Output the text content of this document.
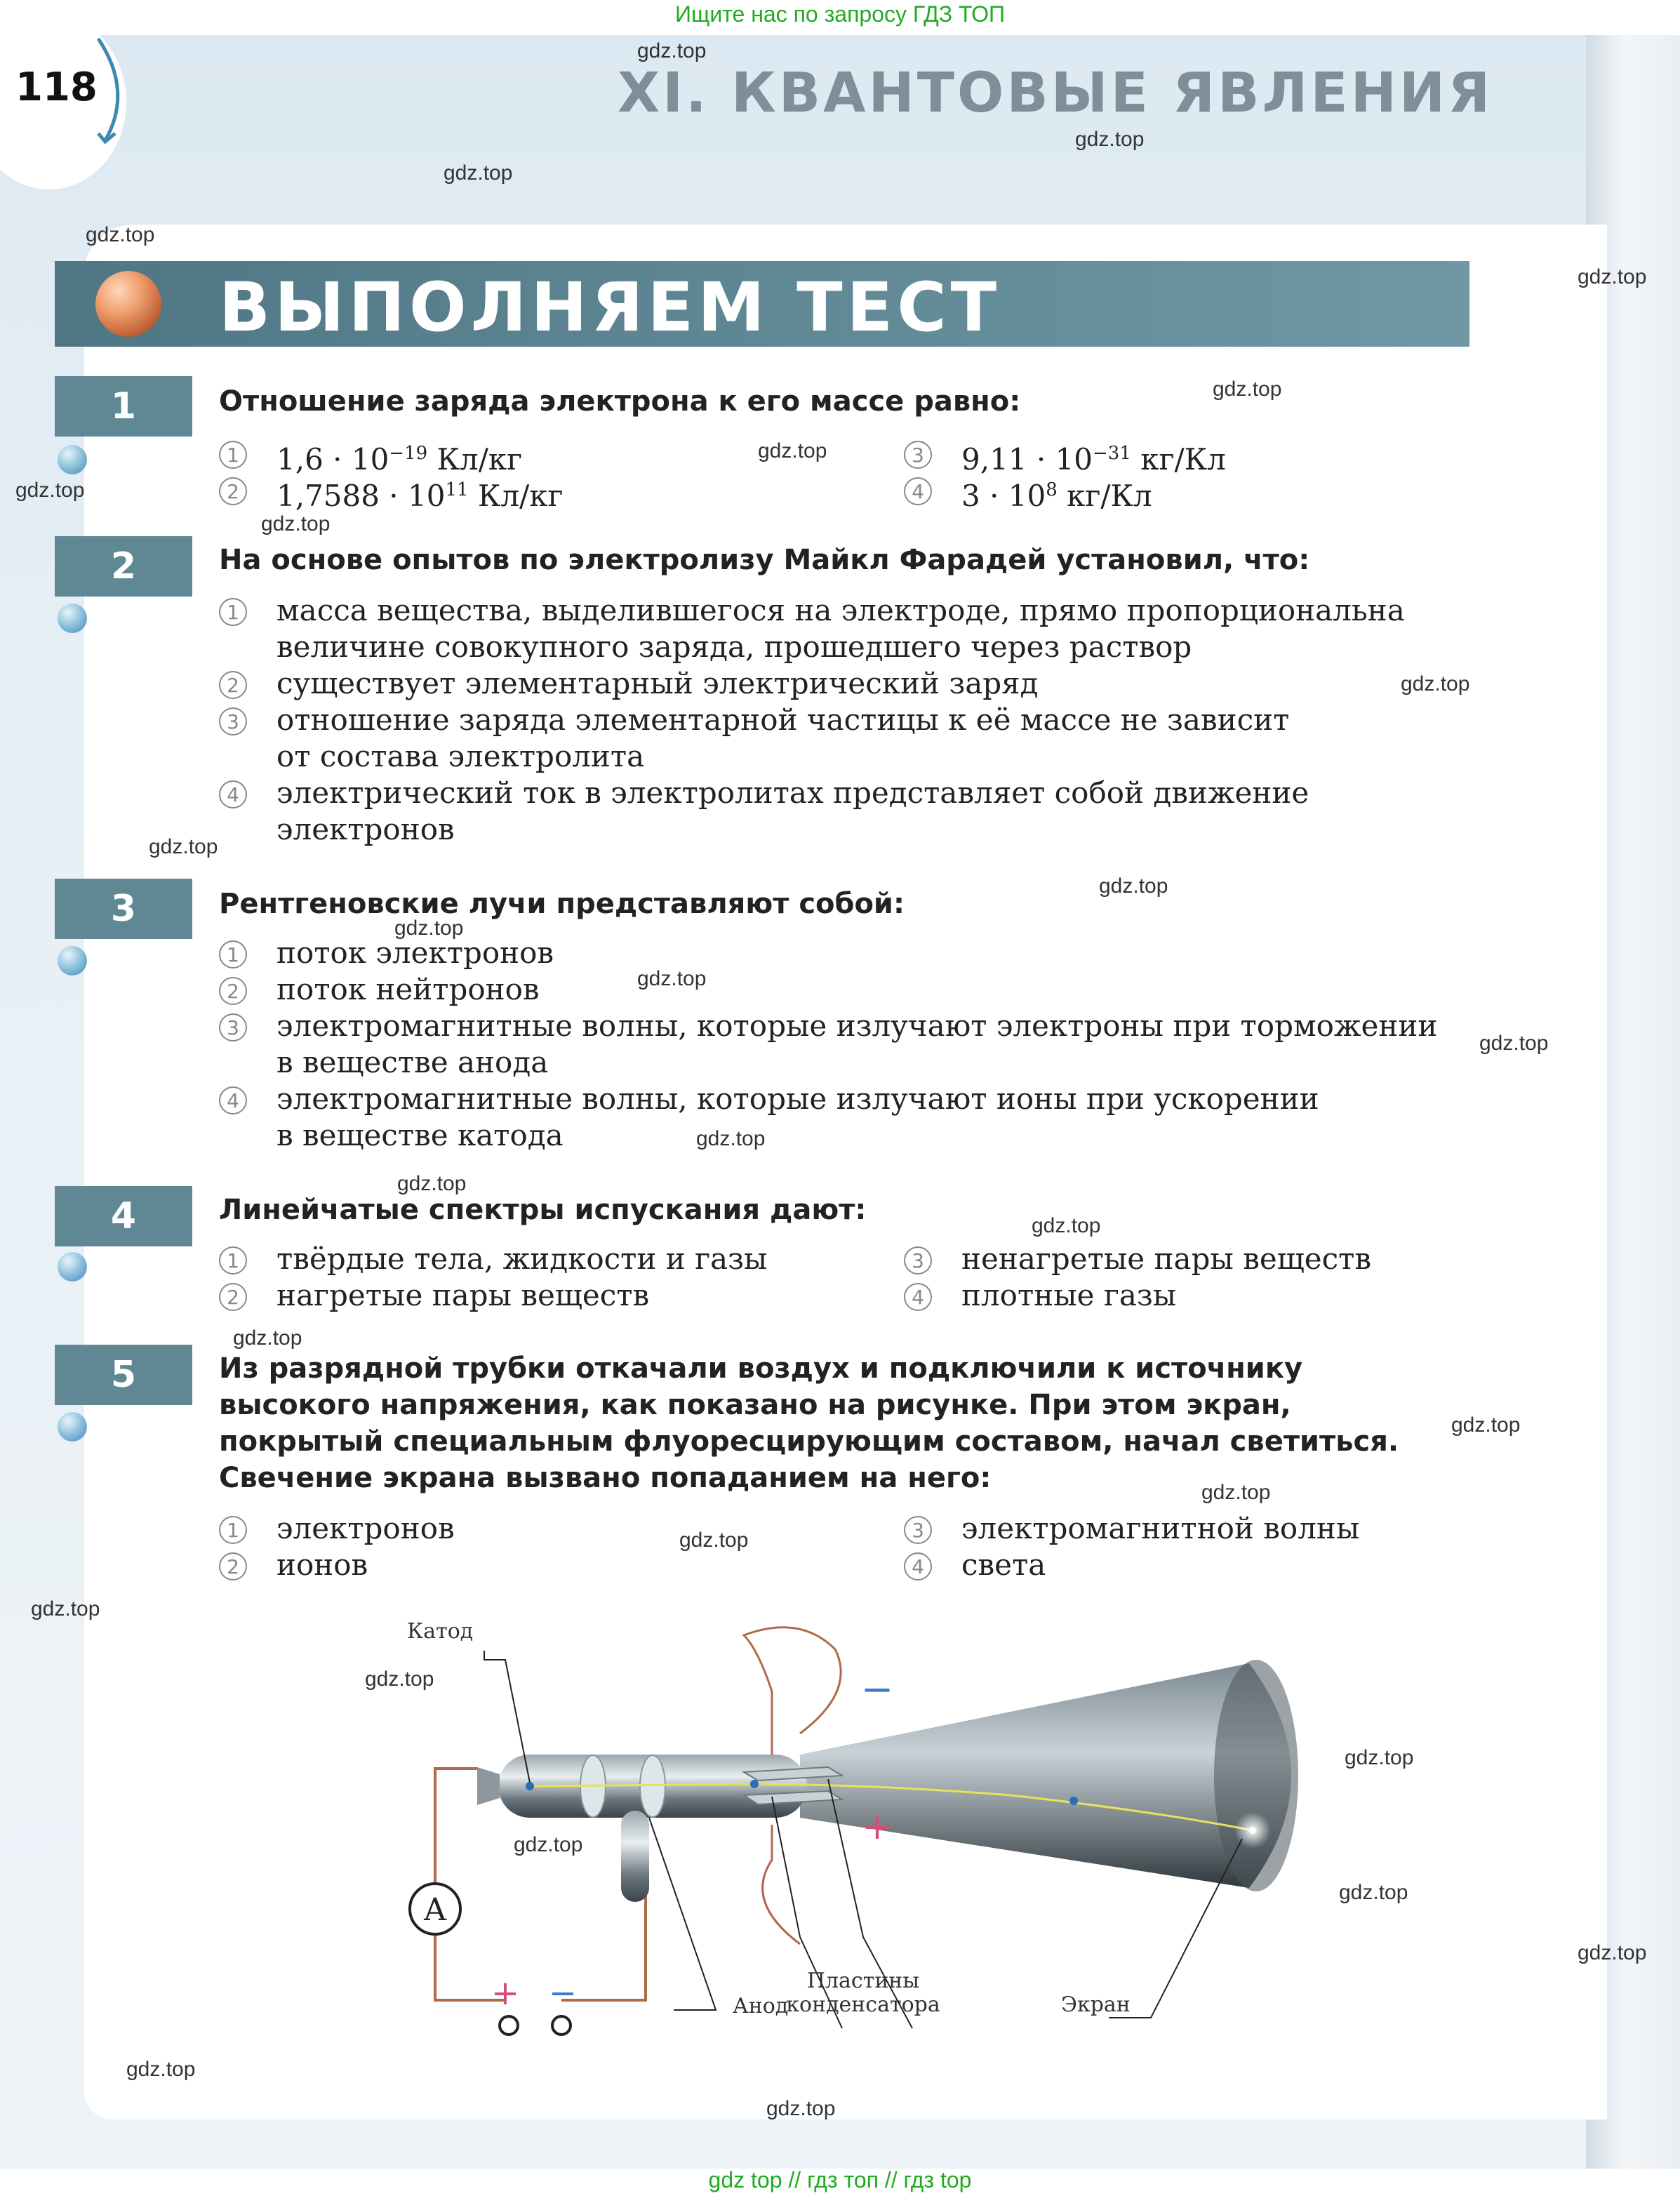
Ищите нас по запросу ГДЗ ТОП
118	XI. КВАНТОВЫЕ ЯВЛЕНИЯ
ВЫПОЛНЯЕМ ТЕСТ
1	Отношение заряда электрона к его массе равно:
1 $1,6 \cdot 10^{-19}$ Кл/кг
2 $1,7588 \cdot 10^{11}$ Кл/кг
3 $9,11 \cdot 10^{-31}$ кг/Кл
4 $3 \cdot 10^8$ кг/Кл
2	На основе опытов по электролизу Майкл Фарадей установил, что:
1 масса вещества, выделившегося на электроде, прямо пропорциональна
величине совокупного заряда, прошедшего через раствор
2 существует элементарный электрический заряд
3 отношение заряда элементарной частицы к её массе не зависит
от состава электролита
4 электрический ток в электролитах представляет собой движение
электронов
3	Рентгеновские лучи представляют собой:
1 поток электронов
2 поток нейтронов
3 электромагнитные волны, которые излучают электроны при торможении
в веществе анода
4 электромагнитные волны, которые излучают ионы при ускорении
в веществе катода
4	Линейчатые спектры испускания дают:
1 твёрдые тела, жидкости и газы
2 нагретые пары веществ
3 ненагретые пары веществ
4 плотные газы
5	Из разрядной трубки откачали воздух и подключили к источнику
высокого напряжения, как показано на рисунке. При этом экран,
покрытый специальным флуоресцирующим составом, начал светиться.
Свечение экрана вызвано попаданием на него:
1 электронов
2 ионов
3 электромагнитной волны
4 света
A
+ −
−
+
Катод
Анод
Пластины
конденсатора	Экран
gdz.top
gdz.top
gdz.top
gdz.top
gdz.top
gdz.top
gdz.top
gdz.top
gdz.top
gdz.top
gdz.top
gdz.top
gdz.top
gdz.top
gdz.top
gdz.top
gdz.top
gdz.top
gdz.top
gdz.top
gdz.top
gdz.top
gdz.top
gdz.top
gdz.top
gdz.top
gdz.top
gdz.top
gdz.top
gdz.top
gdz top // гдз топ // гдз top
